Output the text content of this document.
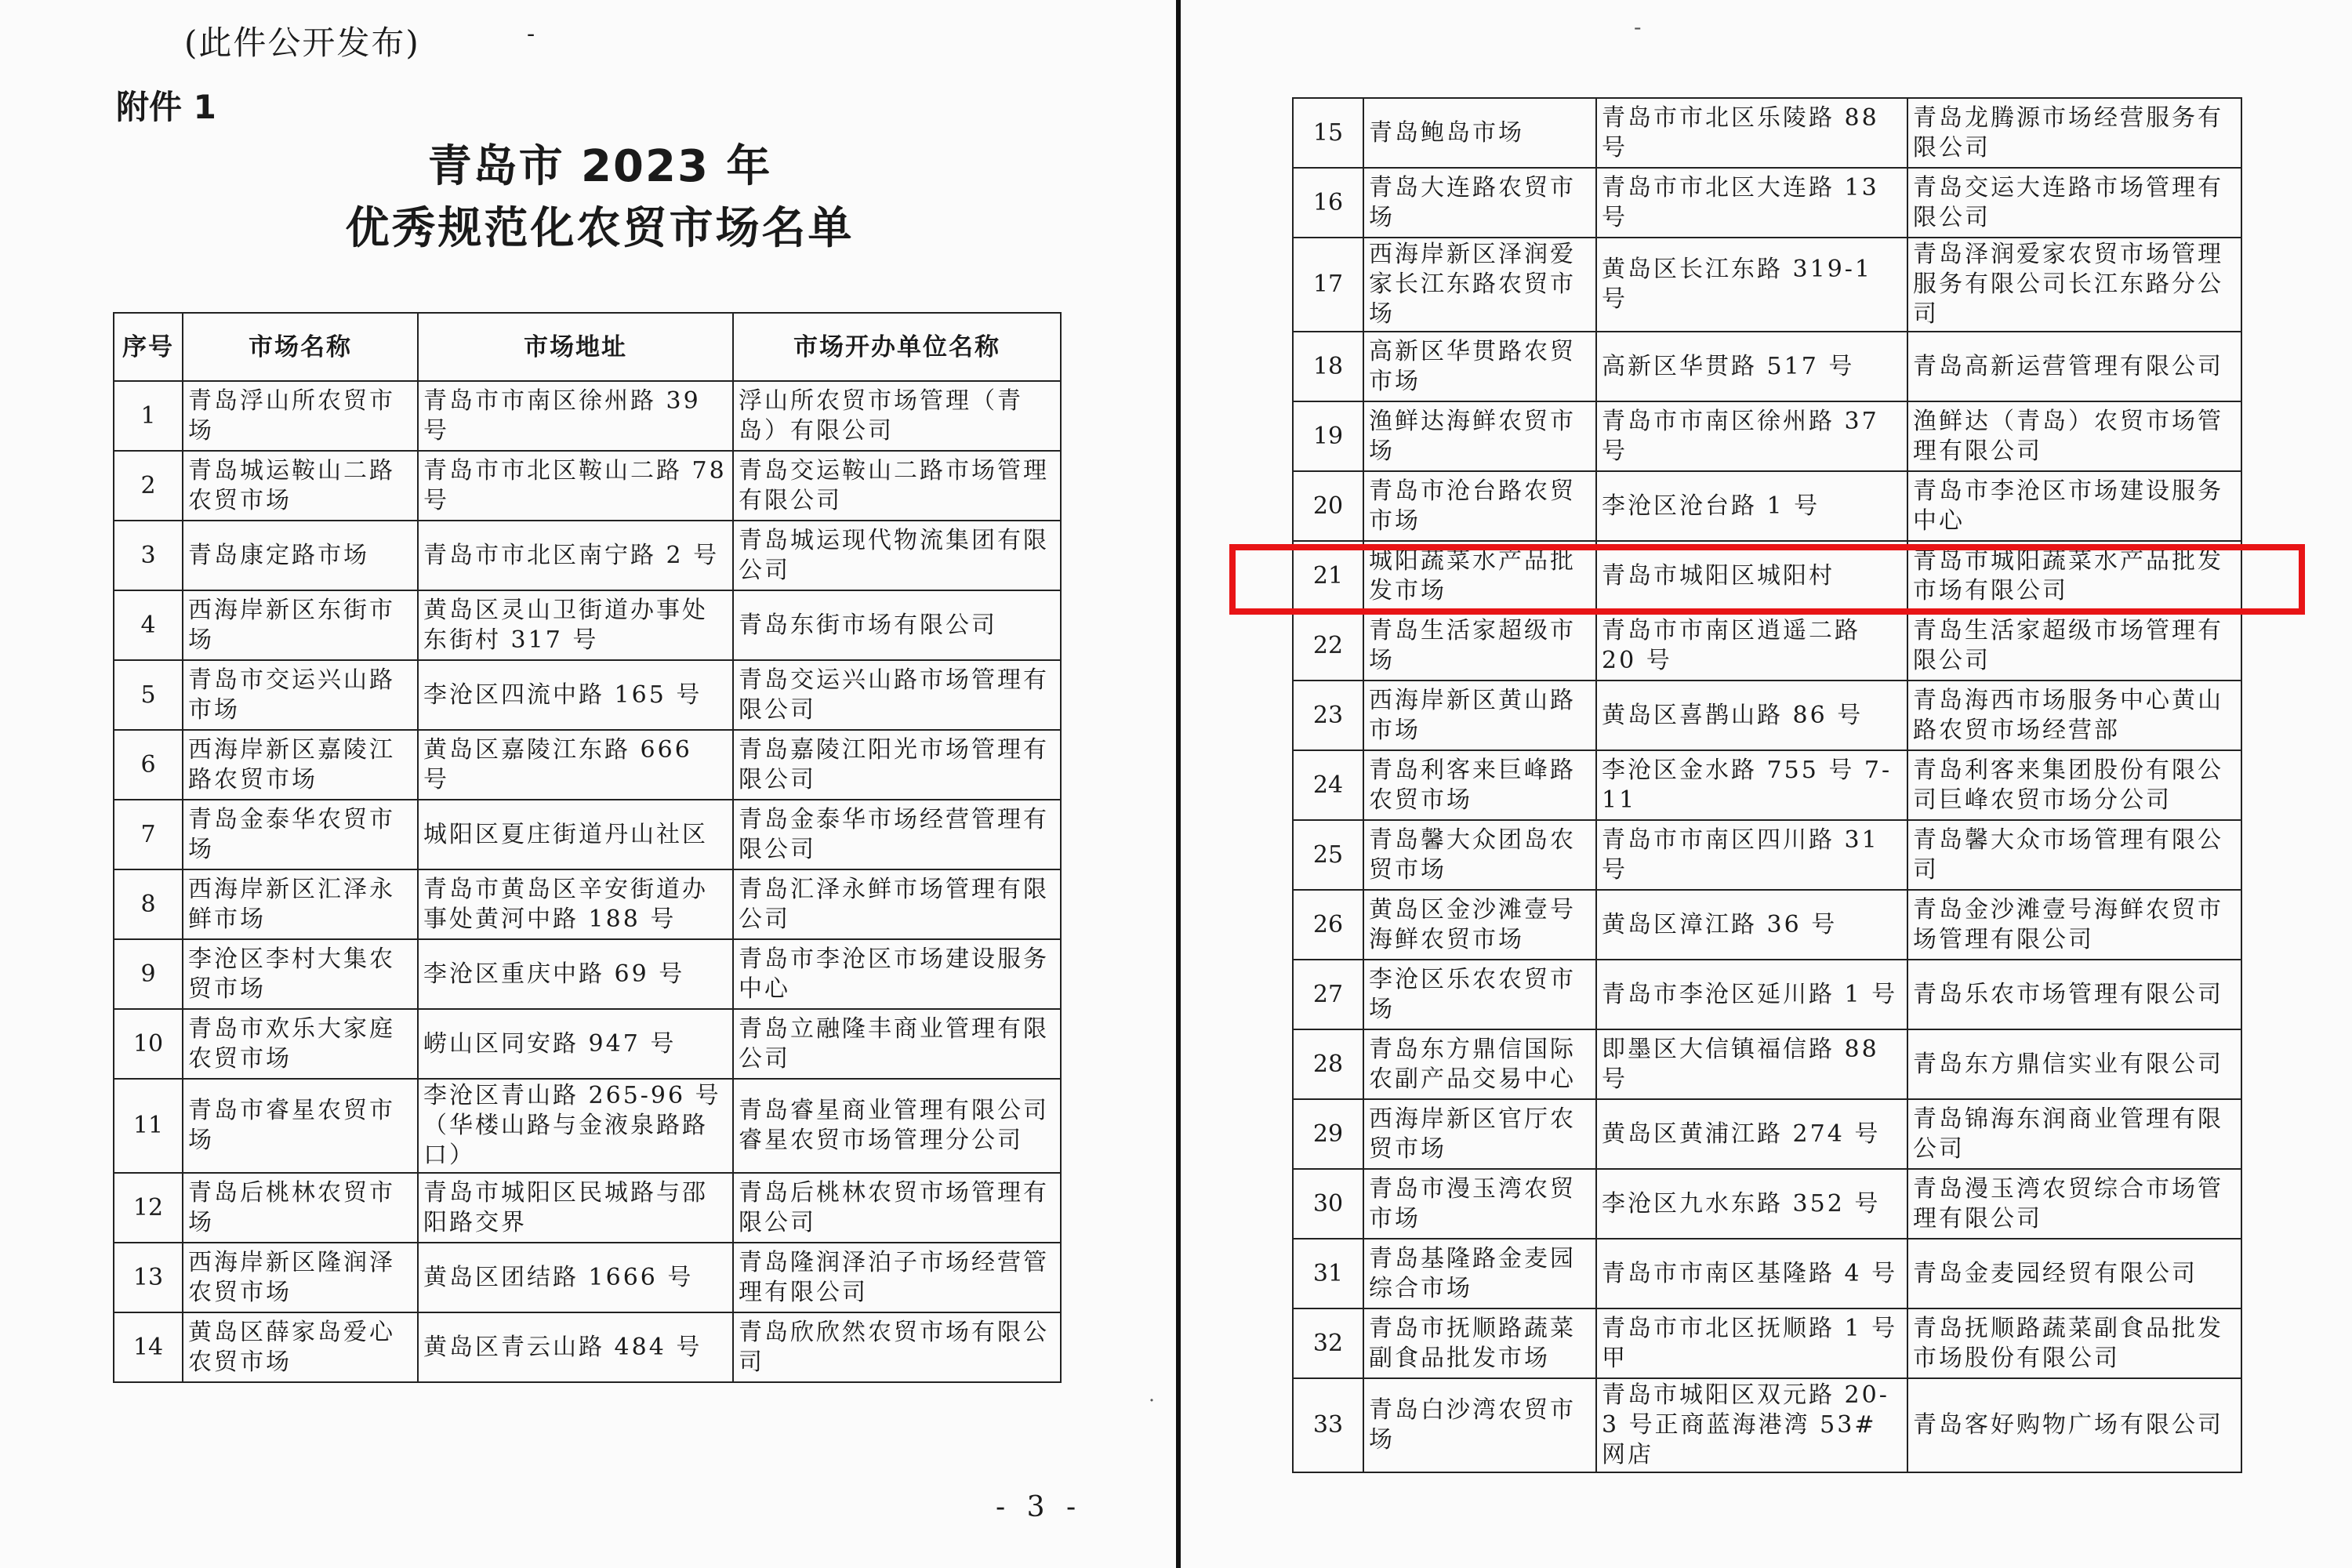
(此件公开发布)	-
附件 1
青岛市 2023 年
优秀规范化农贸市场名单
序号	市场名称	市场地址	市场开办单位名称
1	青岛浮山所农贸市场	青岛市市南区徐州路 39 号	浮山所农贸市场管理（青岛）有限公司
2	青岛城运鞍山二路农贸市场	青岛市市北区鞍山二路 78 号	青岛交运鞍山二路市场管理有限公司
3	青岛康定路市场	青岛市市北区南宁路 2 号	青岛城运现代物流集团有限公司
4	西海岸新区东街市场	黄岛区灵山卫街道办事处东街村 317 号	青岛东街市场有限公司
5	青岛市交运兴山路市场	李沧区四流中路 165 号	青岛交运兴山路市场管理有限公司
6	西海岸新区嘉陵江路农贸市场	黄岛区嘉陵江东路 666 号	青岛嘉陵江阳光市场管理有限公司
7	青岛金泰华农贸市场	城阳区夏庄街道丹山社区	青岛金泰华市场经营管理有限公司
8	西海岸新区汇泽永鲜市场	青岛市黄岛区辛安街道办事处黄河中路 188 号	青岛汇泽永鲜市场管理有限公司
9	李沧区李村大集农贸市场	李沧区重庆中路 69 号	青岛市李沧区市场建设服务中心
10	青岛市欢乐大家庭农贸市场	崂山区同安路 947 号	青岛立融隆丰商业管理有限公司
11	青岛市睿星农贸市场	李沧区青山路 265-96 号（华楼山路与金液泉路路口）	青岛睿星商业管理有限公司睿星农贸市场管理分公司
12	青岛后桃林农贸市场	青岛市城阳区民城路与邵阳路交界	青岛后桃林农贸市场管理有限公司
13	西海岸新区隆润泽农贸市场	黄岛区团结路 1666 号	青岛隆润泽泊子市场经营管理有限公司
14	黄岛区薛家岛爱心农贸市场	黄岛区青云山路 484 号	青岛欣欣然农贸市场有限公司
- 3 -
˙
-
15	青岛鲍岛市场	青岛市市北区乐陵路 88 号	青岛龙腾源市场经营服务有限公司
16	青岛大连路农贸市场	青岛市市北区大连路 13 号	青岛交运大连路市场管理有限公司
17	西海岸新区泽润爱家长江东路农贸市场	黄岛区长江东路 319-1 号	青岛泽润爱家农贸市场管理服务有限公司长江东路分公司
18	高新区华贯路农贸市场	高新区华贯路 517 号	青岛高新运营管理有限公司
19	渔鲜达海鲜农贸市场	青岛市市南区徐州路 37 号	渔鲜达（青岛）农贸市场管理有限公司
20	青岛市沧台路农贸市场	李沧区沧台路 1 号	青岛市李沧区市场建设服务中心
21	城阳蔬菜水产品批发市场	青岛市城阳区城阳村	青岛市城阳蔬菜水产品批发市场有限公司
22	青岛生活家超级市场	青岛市市南区逍遥二路 20 号	青岛生活家超级市场管理有限公司
23	西海岸新区黄山路市场	黄岛区喜鹊山路 86 号	青岛海西市场服务中心黄山路农贸市场经营部
24	青岛利客来巨峰路农贸市场	李沧区金水路 755 号 7-11	青岛利客来集团股份有限公司巨峰农贸市场分公司
25	青岛馨大众团岛农贸市场	青岛市市南区四川路 31 号	青岛馨大众市场管理有限公司
26	黄岛区金沙滩壹号海鲜农贸市场	黄岛区漳江路 36 号	青岛金沙滩壹号海鲜农贸市场管理有限公司
27	李沧区乐农农贸市场	青岛市李沧区延川路 1 号	青岛乐农市场管理有限公司
28	青岛东方鼎信国际农副产品交易中心	即墨区大信镇福信路 88 号	青岛东方鼎信实业有限公司
29	西海岸新区官厅农贸市场	黄岛区黄浦江路 274 号	青岛锦海东润商业管理有限公司
30	青岛市漫玉湾农贸市场	李沧区九水东路 352 号	青岛漫玉湾农贸综合市场管理有限公司
31	青岛基隆路金麦园综合市场	青岛市市南区基隆路 4 号	青岛金麦园经贸有限公司
32	青岛市抚顺路蔬菜副食品批发市场	青岛市市北区抚顺路 1 号甲	青岛抚顺路蔬菜副食品批发市场股份有限公司
33	青岛白沙湾农贸市场	青岛市城阳区双元路 20-3 号正商蓝海港湾 53#网店	青岛客好购物广场有限公司
